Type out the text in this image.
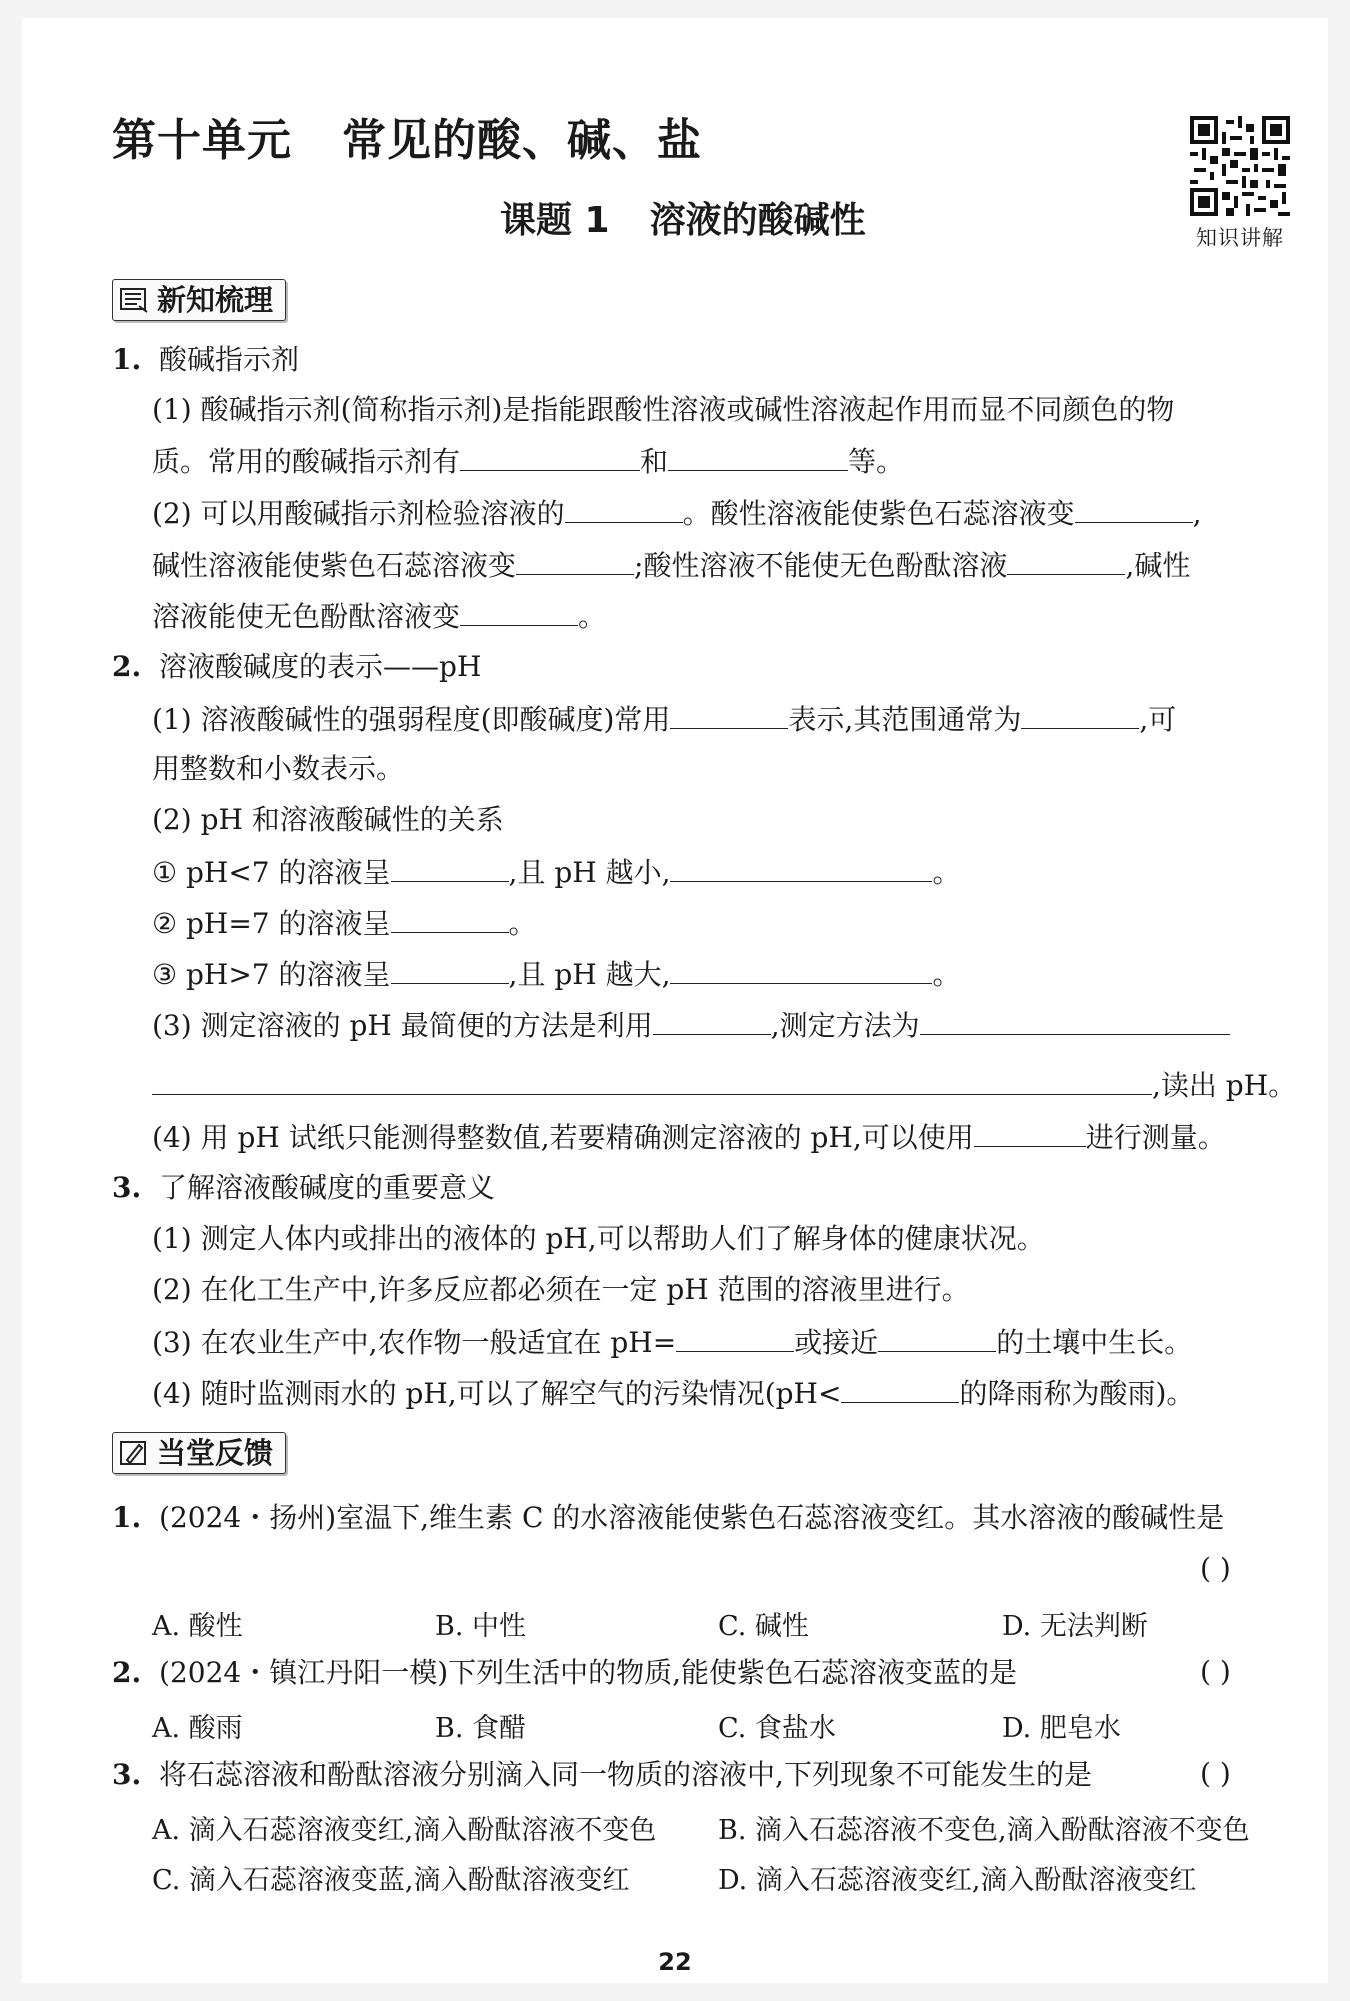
第十单元 常见的酸、碱、盐
课题 1 溶液的酸碱性	知识讲解
新知梳理
1. 酸碱指示剂
(1) 酸碱指示剂(简称指示剂)是指能跟酸性溶液或碱性溶液起作用而显不同颜色的物
质。常用的酸碱指示剂有	和	等。
(2) 可以用酸碱指示剂检验溶液的	。酸性溶液能使紫色石蕊溶液变	,
碱性溶液能使紫色石蕊溶液变	;酸性溶液不能使无色酚酞溶液	,碱性
溶液能使无色酚酞溶液变	。
2. 溶液酸碱度的表示——pH
(1) 溶液酸碱性的强弱程度(即酸碱度)常用	表示,其范围通常为	,可
用整数和小数表示。
(2) pH 和溶液酸碱性的关系
① pH<7 的溶液呈	,且 pH 越小,	。
② pH=7 的溶液呈	。
③ pH>7 的溶液呈	,且 pH 越大,	。
(3) 测定溶液的 pH 最简便的方法是利用	,测定方法为
,读出 pH。
(4) 用 pH 试纸只能测得整数值,若要精确测定溶液的 pH,可以使用	进行测量。
3. 了解溶液酸碱度的重要意义
(1) 测定人体内或排出的液体的 pH,可以帮助人们了解身体的健康状况。
(2) 在化工生产中,许多反应都必须在一定 pH 范围的溶液里进行。
(3) 在农业生产中,农作物一般适宜在 pH=	或接近	的土壤中生长。
(4) 随时监测雨水的 pH,可以了解空气的污染情况(pH<	的降雨称为酸雨)。
当堂反馈
1. (2024・扬州)室温下,维生素 C 的水溶液能使紫色石蕊溶液变红。其水溶液的酸碱性是
( )
A. 酸性	B. 中性	C. 碱性	D. 无法判断
2. (2024・镇江丹阳一模)下列生活中的物质,能使紫色石蕊溶液变蓝的是	( )
A. 酸雨	B. 食醋	C. 食盐水	D. 肥皂水
3. 将石蕊溶液和酚酞溶液分别滴入同一物质的溶液中,下列现象不可能发生的是	( )
A. 滴入石蕊溶液变红,滴入酚酞溶液不变色 B. 滴入石蕊溶液不变色,滴入酚酞溶液不变色
C. 滴入石蕊溶液变蓝,滴入酚酞溶液变红	D. 滴入石蕊溶液变红,滴入酚酞溶液变红
22
